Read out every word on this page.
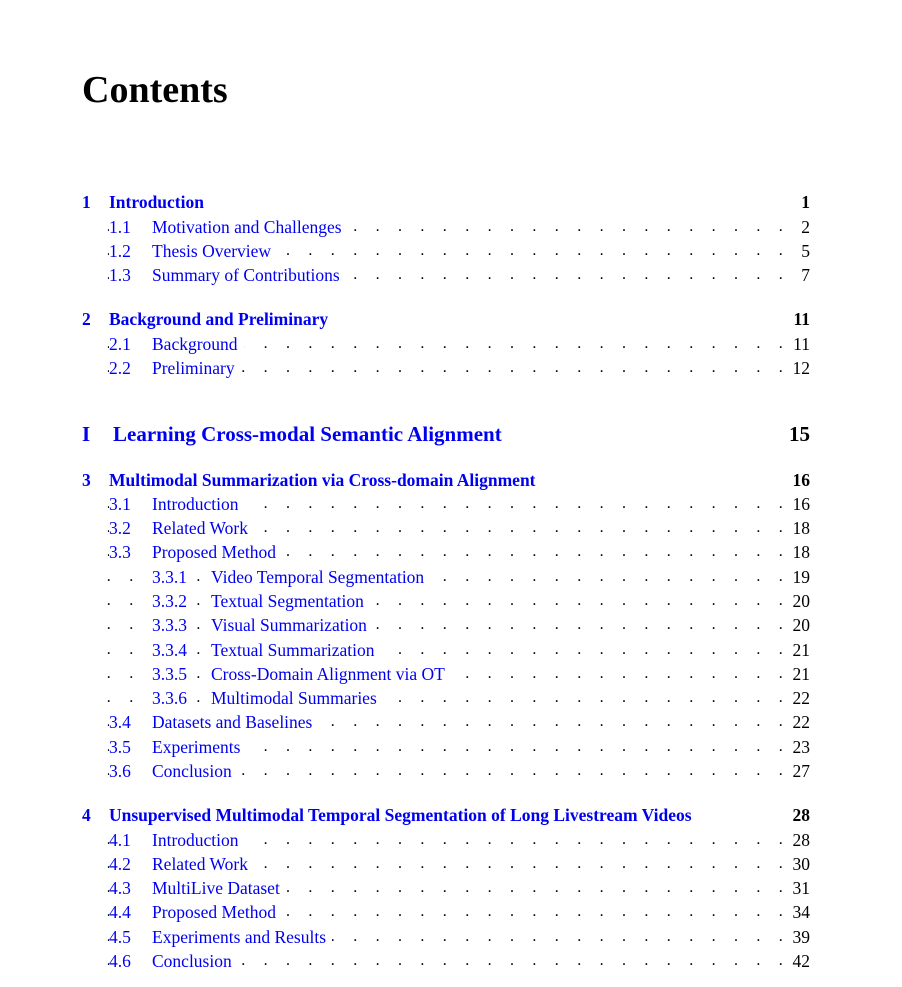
Contents
1	Introduction	1
1.1	Motivation and Challenges . . .	2
1.2	Thesis Overview . . .	5
1.3	Summary of Contributions . . .	7
2	Background and Preliminary	11
2.1	Background . . .	11
2.2	Preliminary . . .	12
I Learning Cross-modal Semantic Alignment	15
3	Multimodal Summarization via Cross-domain Alignment	16
3.1	Introduction . . .	16
3.2	Related Work . . .	18
3.3	Proposed Method . . .	18
3.3.1	Video Temporal Segmentation . . .	19
3.3.2	Textual Segmentation . . .	20
3.3.3	Visual Summarization . . .	20
3.3.4	Textual Summarization . . .	21
3.3.5	Cross-Domain Alignment via OT . . .	21
3.3.6	Multimodal Summaries . . .	22
3.4	Datasets and Baselines . . .	22
3.5	Experiments . . .	23
3.6	Conclusion . . .	27
4	Unsupervised Multimodal Temporal Segmentation of Long Livestream Videos	28
4.1	Introduction . . .	28
4.2	Related Work . . .	30
4.3	MultiLive Dataset . . .	31
4.4	Proposed Method . . .	34
4.5	Experiments and Results . . .	39
4.6	Conclusion . . .	42
